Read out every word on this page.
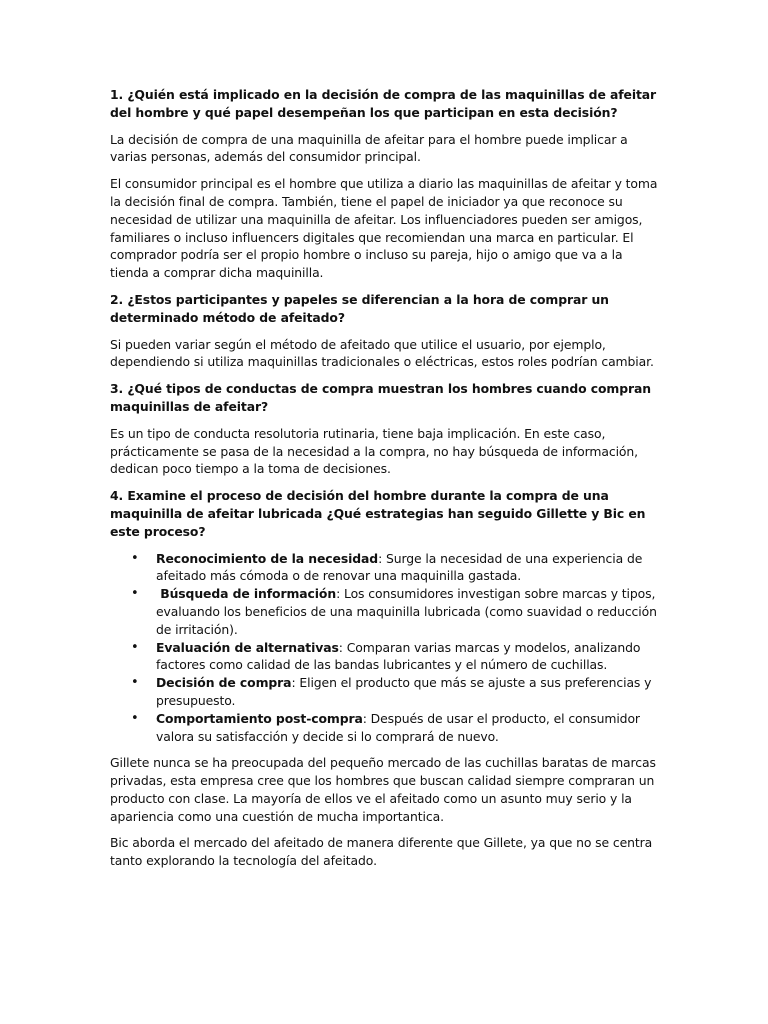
1. ¿Quién está implicado en la decisión de compra de las maquinillas de afeitar del hombre y qué papel desempeñan los que participan en esta decisión?

La decisión de compra de una maquinilla de afeitar para el hombre puede implicar a varias personas, además del consumidor principal.

El consumidor principal es el hombre que utiliza a diario las maquinillas de afeitar y toma la decisión final de compra. También, tiene el papel de iniciador ya que reconoce su necesidad de utilizar una maquinilla de afeitar. Los influenciadores pueden ser amigos, familiares o incluso influencers digitales que recomiendan una marca en particular. El comprador podría ser el propio hombre o incluso su pareja, hijo o amigo que va a la tienda a comprar dicha maquinilla.

2. ¿Estos participantes y papeles se diferencian a la hora de comprar un determinado método de afeitado?

Si pueden variar según el método de afeitado que utilice el usuario, por ejemplo, dependiendo si utiliza maquinillas tradicionales o eléctricas, estos roles podrían cambiar.

3. ¿Qué tipos de conductas de compra muestran los hombres cuando compran maquinillas de afeitar?

Es un tipo de conducta resolutoria rutinaria, tiene baja implicación. En este caso, prácticamente se pasa de la necesidad a la compra, no hay búsqueda de información, dedican poco tiempo a la toma de decisiones.

4. Examine el proceso de decisión del hombre durante la compra de una maquinilla de afeitar lubricada ¿Qué estrategias han seguido Gillette y Bic en este proceso?

• Reconocimiento de la necesidad: Surge la necesidad de una experiencia de afeitado más cómoda o de renovar una maquinilla gastada.
• Búsqueda de información: Los consumidores investigan sobre marcas y tipos, evaluando los beneficios de una maquinilla lubricada (como suavidad o reducción de irritación).
• Evaluación de alternativas: Comparan varias marcas y modelos, analizando factores como calidad de las bandas lubricantes y el número de cuchillas.
• Decisión de compra: Eligen el producto que más se ajuste a sus preferencias y presupuesto.
• Comportamiento post-compra: Después de usar el producto, el consumidor valora su satisfacción y decide si lo comprará de nuevo.

Gillete nunca se ha preocupada del pequeño mercado de las cuchillas baratas de marcas privadas, esta empresa cree que los hombres que buscan calidad siempre compraran un producto con clase. La mayoría de ellos ve el afeitado como un asunto muy serio y la apariencia como una cuestión de mucha importantica.

Bic aborda el mercado del afeitado de manera diferente que Gillete, ya que no se centra tanto explorando la tecnología del afeitado.
